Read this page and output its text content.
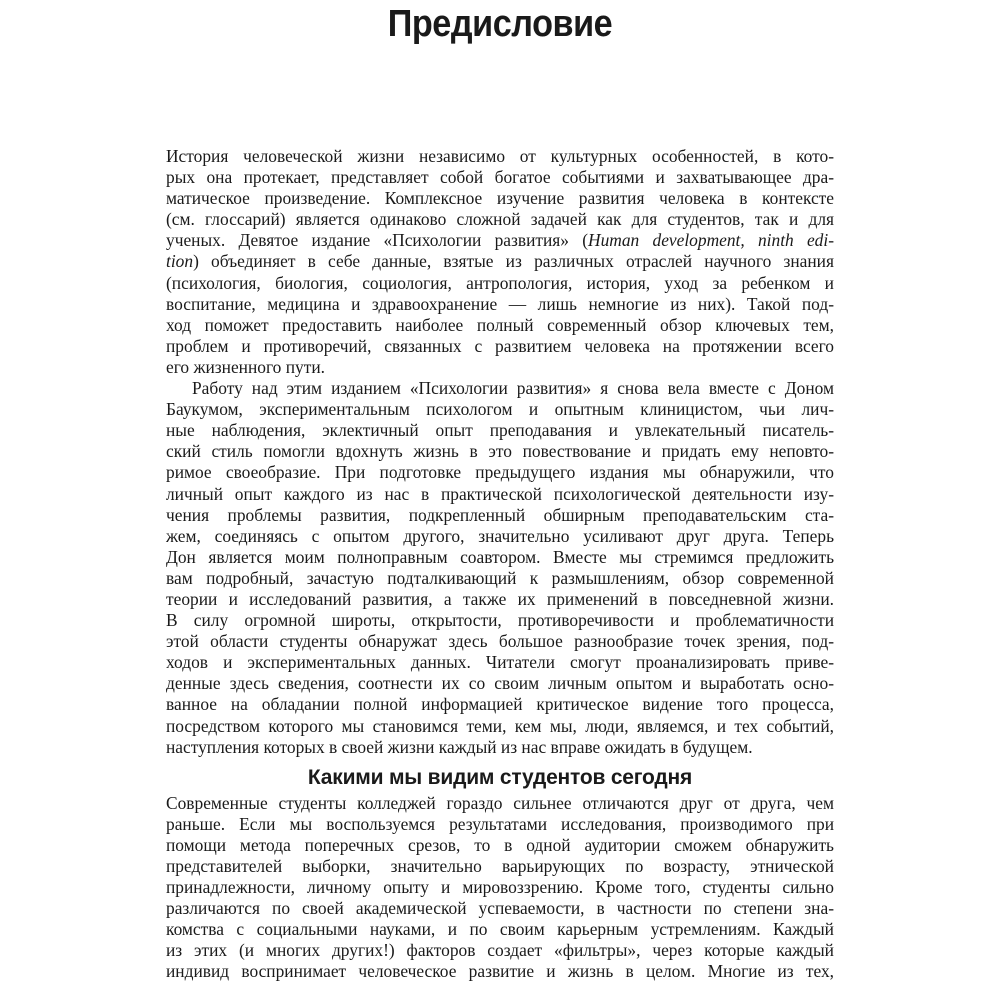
Предисловие
История человеческой жизни независимо от культурных особенностей, в кото-
рых она протекает, представляет собой богатое событиями и захватывающее дра-
матическое произведение. Комплексное изучение развития человека в контексте
(см. глоссарий) является одинаково сложной задачей как для студентов, так и для
ученых. Девятое издание «Психологии развития» (Human development, ninth edi-
tion) объединяет в себе данные, взятые из различных отраслей научного знания
(психология, биология, социология, антропология, история, уход за ребенком и
воспитание, медицина и здравоохранение — лишь немногие из них). Такой под-
ход поможет предоставить наиболее полный современный обзор ключевых тем,
проблем и противоречий, связанных с развитием человека на протяжении всего
его жизненного пути.
Работу над этим изданием «Психологии развития» я снова вела вместе с Доном
Баукумом, экспериментальным психологом и опытным клиницистом, чьи лич-
ные наблюдения, эклектичный опыт преподавания и увлекательный писатель-
ский стиль помогли вдохнуть жизнь в это повествование и придать ему неповто-
римое своеобразие. При подготовке предыдущего издания мы обнаружили, что
личный опыт каждого из нас в практической психологической деятельности изу-
чения проблемы развития, подкрепленный обширным преподавательским ста-
жем, соединяясь с опытом другого, значительно усиливают друг друга. Теперь
Дон является моим полноправным соавтором. Вместе мы стремимся предложить
вам подробный, зачастую подталкивающий к размышлениям, обзор современной
теории и исследований развития, а также их применений в повседневной жизни.
В силу огромной широты, открытости, противоречивости и проблематичности
этой области студенты обнаружат здесь большое разнообразие точек зрения, под-
ходов и экспериментальных данных. Читатели смогут проанализировать приве-
денные здесь сведения, соотнести их со своим личным опытом и выработать осно-
ванное на обладании полной информацией критическое видение того процесса,
посредством которого мы становимся теми, кем мы, люди, являемся, и тех событий,
наступления которых в своей жизни каждый из нас вправе ожидать в будущем.
Какими мы видим студентов сегодня
Современные студенты колледжей гораздо сильнее отличаются друг от друга, чем
раньше. Если мы воспользуемся результатами исследования, производимого при
помощи метода поперечных срезов, то в одной аудитории сможем обнаружить
представителей выборки, значительно варьирующих по возрасту, этнической
принадлежности, личному опыту и мировоззрению. Кроме того, студенты сильно
различаются по своей академической успеваемости, в частности по степени зна-
комства с социальными науками, и по своим карьерным устремлениям. Каждый
из этих (и многих других!) факторов создает «фильтры», через которые каждый
индивид воспринимает человеческое развитие и жизнь в целом. Многие из тех,
